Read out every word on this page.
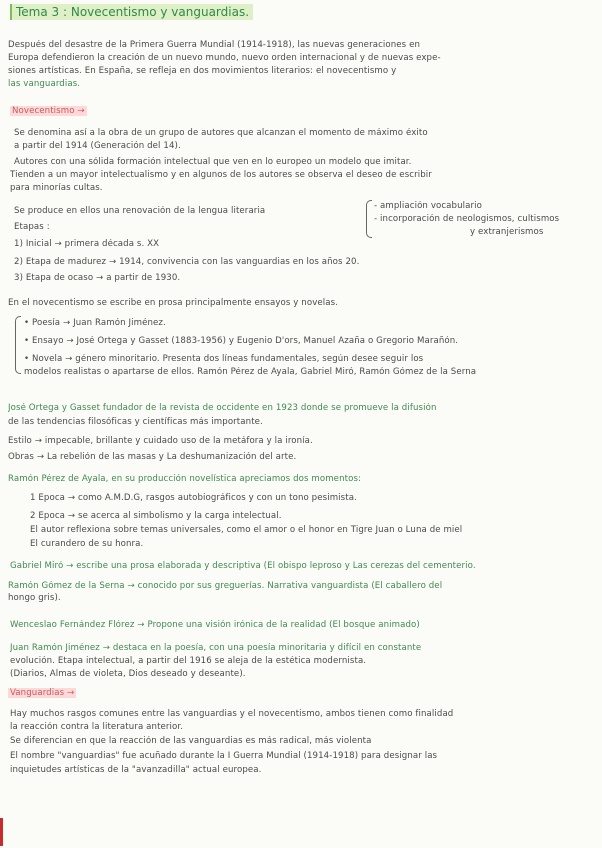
Tema 3 : Novecentismo y vanguardias.
Después del desastre de la Primera Guerra Mundial (1914-1918), las nuevas generaciones en
Europa defendieron la creación de un nuevo mundo, nuevo orden internacional y de nuevas expe-
siones artísticas. En España, se refleja en dos movimientos literarios: el novecentismo y
las vanguardias.
Novecentismo →
Se denomina así a la obra de un grupo de autores que alcanzan el momento de máximo éxito
a partir del 1914 (Generación del 14).
Autores con una sólida formación intelectual que ven en lo europeo un modelo que imitar.
Tienden a un mayor intelectualismo y en algunos de los autores se observa el deseo de escribir
para minorías cultas.
Se produce en ellos una renovación de la lengua literaria	- ampliación vocabulario
- incorporación de neologismos, cultismos
y extranjerismos
Etapas :
1) Inicial → primera década s. XX
2) Etapa de madurez → 1914, convivencia con las vanguardias en los años 20.
3) Etapa de ocaso → a partir de 1930.
En el novecentismo se escribe en prosa principalmente ensayos y novelas.
• Poesía → Juan Ramón Jiménez.
• Ensayo → José Ortega y Gasset (1883-1956) y Eugenio D'ors, Manuel Azaña o Gregorio Marañón.
• Novela → género minoritario. Presenta dos líneas fundamentales, según desee seguir los
modelos realistas o apartarse de ellos. Ramón Pérez de Ayala, Gabriel Miró, Ramón Gómez de la Serna
José Ortega y Gasset fundador de la revista de occidente en 1923 donde se promueve la difusión
de las tendencias filosóficas y científicas más importante.
Estilo → impecable, brillante y cuidado uso de la metáfora y la ironía.
Obras → La rebelión de las masas y La deshumanización del arte.
Ramón Pérez de Ayala, en su producción novelística apreciamos dos momentos:
1 Época → como A.M.D.G, rasgos autobiográficos y con un tono pesimista.
2 Época → se acerca al simbolismo y la carga intelectual.
El autor reflexiona sobre temas universales, como el amor o el honor en Tigre Juan o Luna de miel
El curandero de su honra.
Gabriel Miró → escribe una prosa elaborada y descriptiva (El obispo leproso y Las cerezas del cementerio.
Ramón Gómez de la Serna → conocido por sus greguerías. Narrativa vanguardista (El caballero del
hongo gris).
Wenceslao Fernández Flórez → Propone una visión irónica de la realidad (El bosque animado)
Juan Ramón Jiménez → destaca en la poesía, con una poesía minoritaria y difícil en constante
evolución. Etapa intelectual, a partir del 1916 se aleja de la estética modernista.
(Diarios, Almas de violeta, Dios deseado y deseante).
Vanguardias →
Hay muchos rasgos comunes entre las vanguardias y el novecentismo, ambos tienen como finalidad
la reacción contra la literatura anterior.
Se diferencian en que la reacción de las vanguardias es más radical, más violenta
El nombre "vanguardias" fue acuñado durante la I Guerra Mundial (1914-1918) para designar las
inquietudes artísticas de la "avanzadilla" actual europea.
